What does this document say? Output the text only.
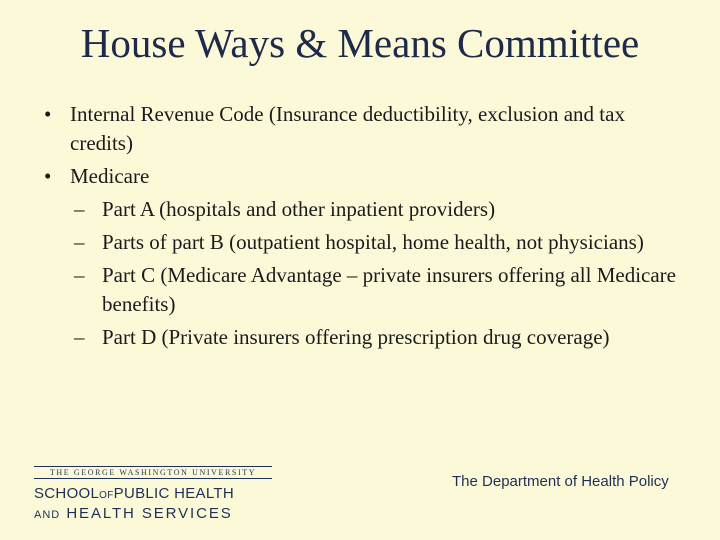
House Ways & Means Committee
• Internal Revenue Code (Insurance deductibility, exclusion and tax credits)
• Medicare
– Part A (hospitals and other inpatient providers)
– Parts of part B (outpatient hospital, home health, not physicians)
– Part C (Medicare Advantage – private insurers offering all Medicare benefits)
– Part D (Private insurers offering prescription drug coverage)
THE GEORGE WASHINGTON UNIVERSITY
SCHOOLOFPUBLIC HEALTH
AND HEALTH SERVICES
The Department of Health Policy
